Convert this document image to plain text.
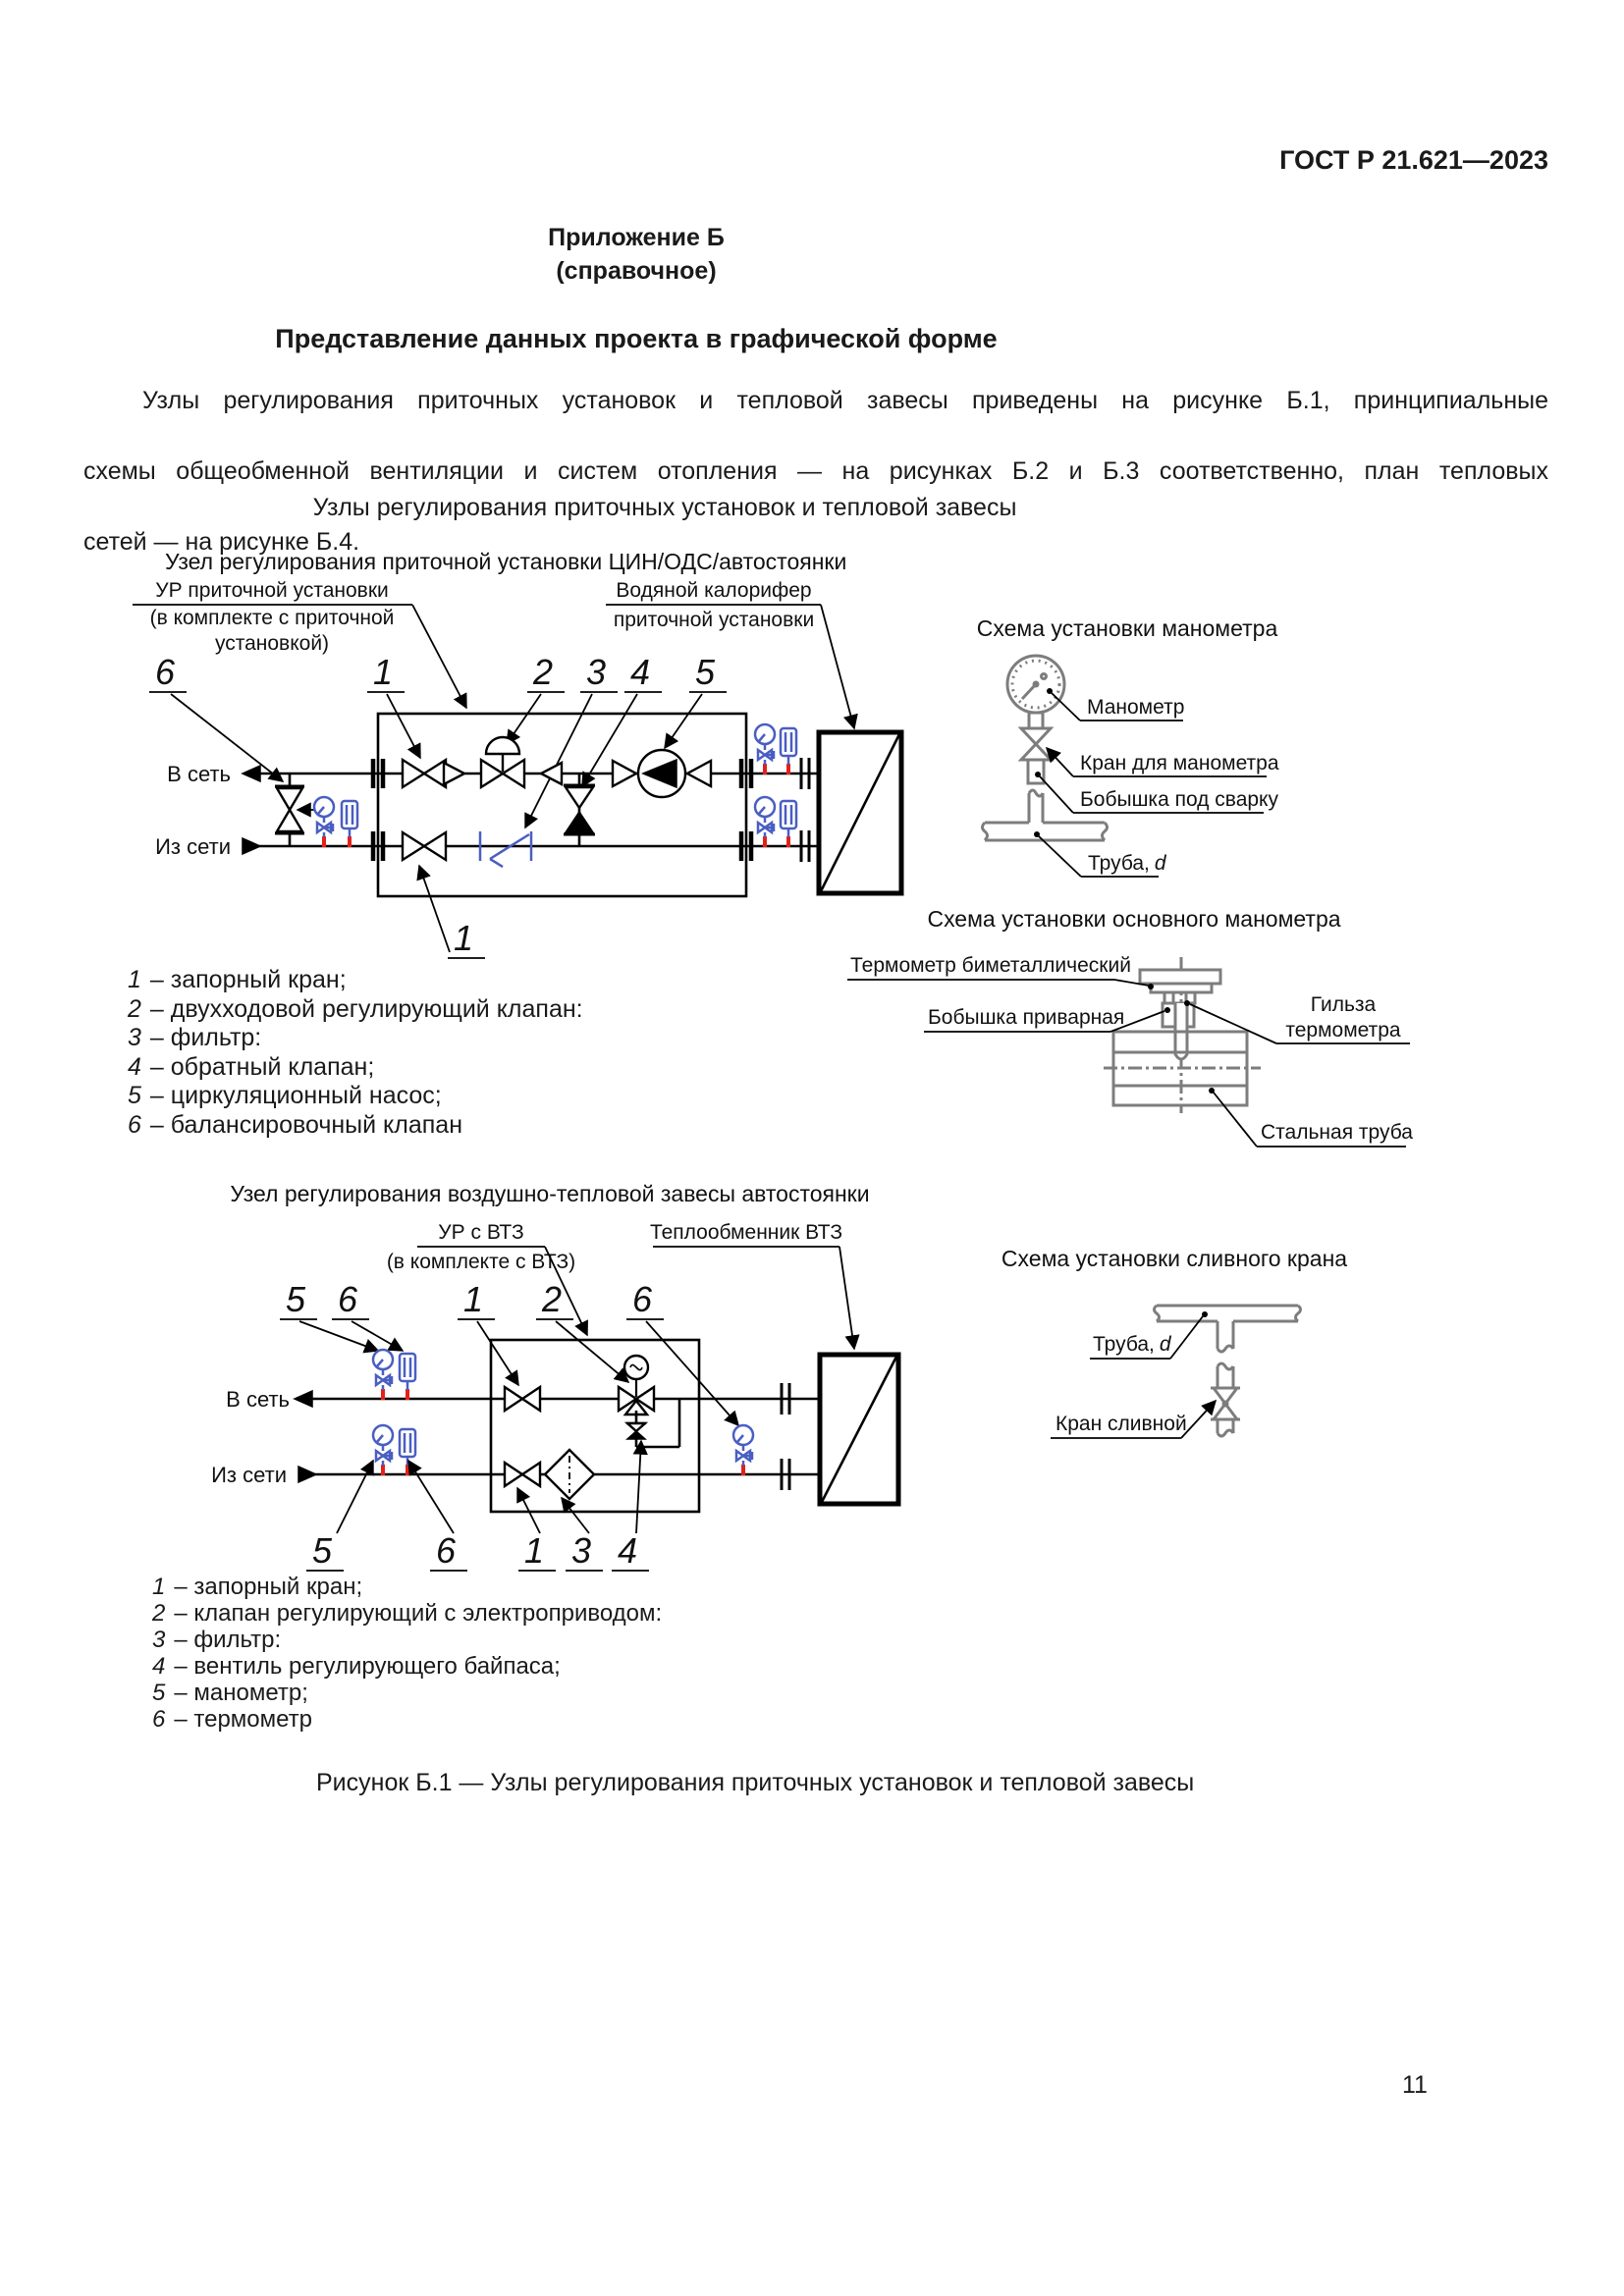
ГОСТ Р 21.621—2023
Приложение Б
(справочное)
Представление данных проекта в графической форме
Узлы регулирования приточных установок и тепловой завесы приведены на рисунке Б.1, принципиальные
схемы общеобменной вентиляции и систем отопления — на рисунках Б.2 и Б.3 соответственно, план тепловых
сетей — на рисунке Б.4.
Узлы регулирования приточных установок и тепловой завесы
Узел регулирования приточной установки ЦИН/ОДС/автостоянки
УР приточной установки
(в комплекте с приточной
установкой)
Водяной калорифер
приточной установки
6	1	2 3 4 5
В сеть
Из сети
1
Схема установки манометра
Манометр
Кран для манометра
Бобышка под сварку
Труба, d
Схема установки основного манометра
Термометр биметаллический
Бобышка приварная
Гильза
термометра
Стальная труба
Узел регулирования воздушно-тепловой завесы автостоянки
УР с ВТЗ
(в комплекте с ВТЗ)
Теплообменник ВТЗ
5 6	1 2 6
В сеть
Из сети
5	6 1 3 4
Схема установки сливного крана
Труба, d
Кран сливной
1 – запорный кран;
2 – двухходовой регулирующий клапан:
3 – фильтр:
4 – обратный клапан;
5 – циркуляционный насос;
6 – балансировочный клапан
1 – запорный кран;
2 – клапан регулирующий с электроприводом:
3 – фильтр:
4 – вентиль регулирующего байпаса;
5 – манометр;
6 – термометр
Рисунок Б.1 — Узлы регулирования приточных установок и тепловой завесы
11
